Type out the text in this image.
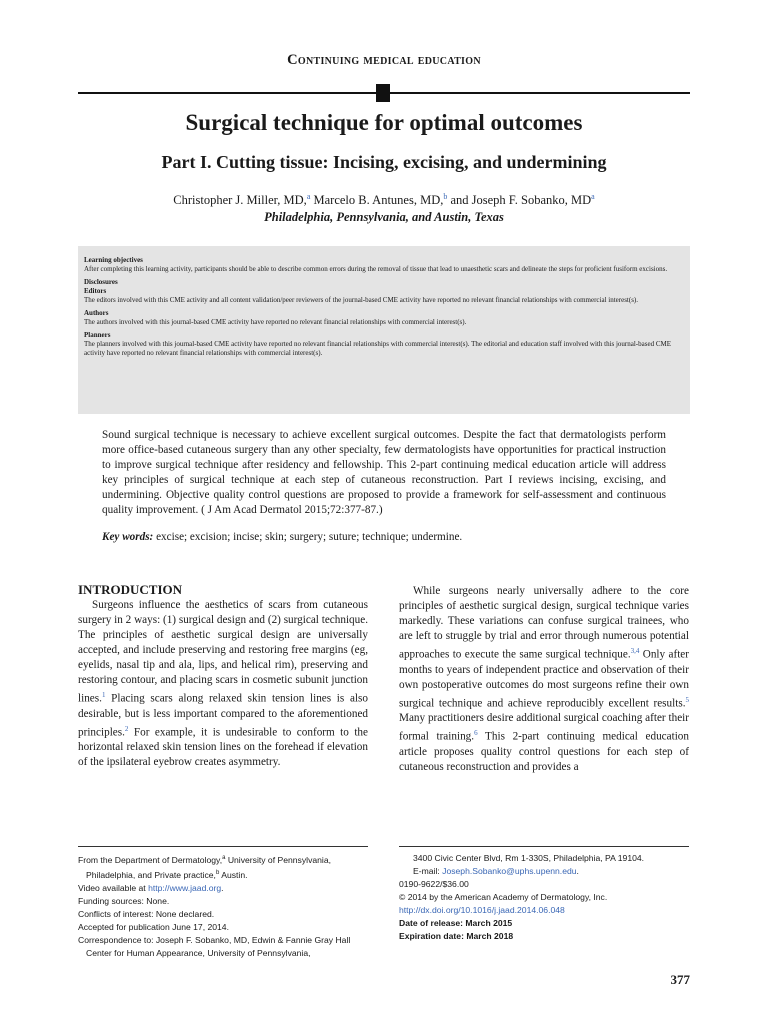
Continuing medical education
Surgical technique for optimal outcomes
Part I. Cutting tissue: Incising, excising, and undermining
Christopher J. Miller, MD,$^a$ Marcelo B. Antunes, MD,$^b$ and Joseph F. Sobanko, $MD^a$
Philadelphia, Pennsylvania, and Austin, Texas

Learning objectives

After completing this learning activity, participants should be able to describe common errors during the removal of tissue that lead to unaesthetic scars and delineate the steps for proficient fusiform excisions.

Disclosures

Editors

The editors involved with this CME activity and all content validation/peer reviewers of the journal-based CME activity have reported no relevant financial relationships with commercial interest(s).

Authors

The authors involved with this journal-based CME activity have reported no relevant financial relationships with commercial interest(s).

Planners

The planners involved with this journal-based CME activity have reported no relevant financial relationships with commercial interest(s). The editorial and education staff involved with this journal-based CME activity have reported no relevant financial relationships with commercial interest(s).

Sound surgical technique is necessary to achieve excellent surgical outcomes. Despite the fact that dermatologists perform more office-based cutaneous surgery than any other specialty, few dermatologists have opportunities for practical instruction to improve surgical technique after residency and fellowship. This 2-part continuing medical education article will address key principles of surgical technique at each step of cutaneous reconstruction. Part I reviews incising, excising, and undermining. Objective quality control questions are proposed to provide a framework for self-assessment and continuous quality improvement. ( J Am Acad Dermatol 2015;72:377-87.)

Key words: excise; excision; incise; skin; surgery; suture; technique; undermine.

INTRODUCTION

Surgeons influence the aesthetics of scars from cutaneous surgery in 2 ways: (1) surgical design and (2) surgical technique. The principles of aesthetic surgical design are universally accepted, and include preserving and restoring free margins (eg, eyelids, nasal tip and ala, lips, and helical rim), preserving and restoring contour, and placing scars in cosmetic subunit junction lines.$^1$ Placing scars along relaxed skin tension lines is also desirable, but is less important compared to the aforementioned principles.$^2$ For example, it is undesirable to conform to the horizontal relaxed skin tension lines on the forehead if elevation of the ipsilateral eyebrow creates asymmetry.

While surgeons nearly universally adhere to the core principles of aesthetic surgical design, surgical technique varies markedly. These variations can confuse surgical trainees, who are left to struggle by trial and error through numerous potential approaches to execute the same surgical technique.$^{3,4}$ Only after months to years of independent practice and observation of their own postoperative outcomes do most surgeons refine their own surgical technique and achieve reproducibly excellent results.$^5$ Many practitioners desire additional surgical coaching after their formal training.$^6$ This 2-part continuing medical education article proposes quality control questions for each step of cutaneous reconstruction and provides a

From the Department of Dermatology,$^a$ University of Pennsylvania, Philadelphia, and Private practice,$^b$ Austin.

Video available at http://www.jaad.org.

Funding sources: None.

Conflicts of interest: None declared.

Accepted for publication June 17, 2014.

Correspondence to: Joseph F. Sobanko, MD, Edwin & Fannie Gray Hall Center for Human Appearance, University of Pennsylvania,

3400 Civic Center Blvd, Rm 1-330S, Philadelphia, PA 19104.

E-mail: Joseph.Sobanko@uphs.upenn.edu.

0190-9622/$36.00

© 2014 by the American Academy of Dermatology, Inc.

http://dx.doi.org/10.1016/j.jaad.2014.06.048

Date of release: March 2015

Expiration date: March 2018

377
